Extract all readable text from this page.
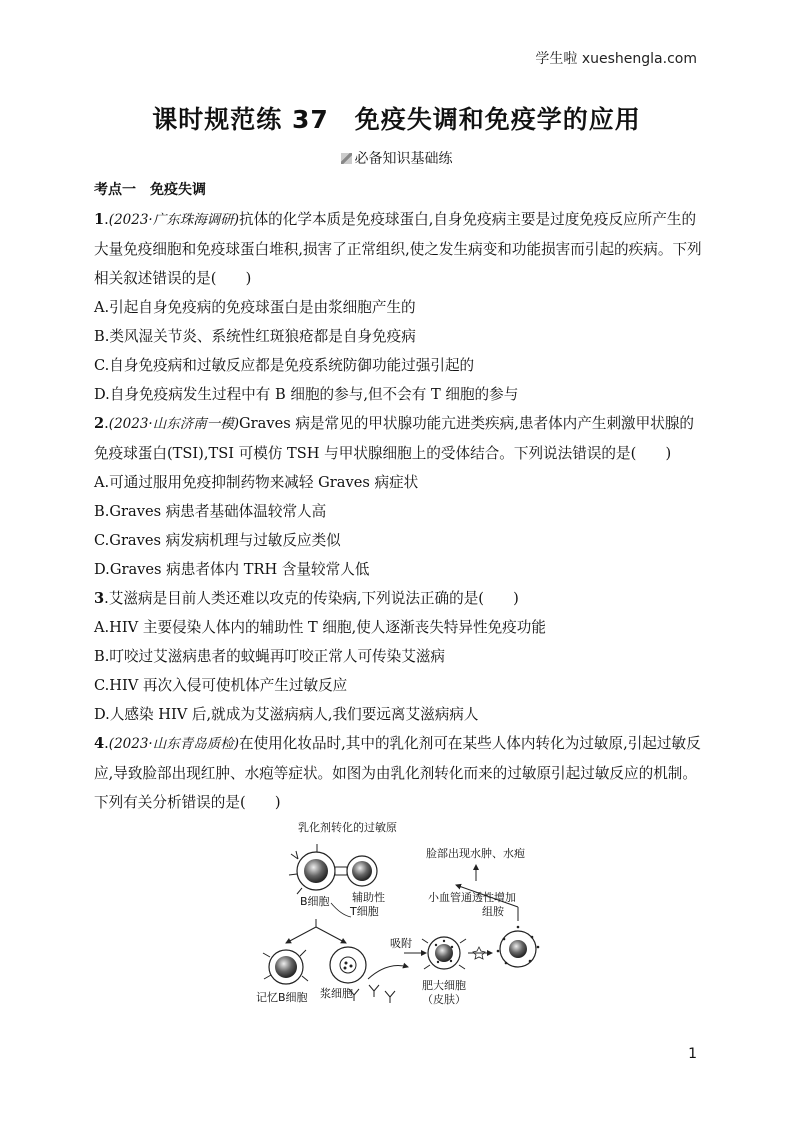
学生啦 xueshengla.com
课时规范练 37　免疫失调和免疫学的应用
必备知识基础练
考点一　免疫失调

1.(2023·广东珠海调研)抗体的化学本质是免疫球蛋白,自身免疫病主要是过度免疫反应所产生的大量免疫细胞和免疫球蛋白堆积,损害了正常组织,使之发生病变和功能损害而引起的疾病。下列相关叙述错误的是(　　)

A.引起自身免疫病的免疫球蛋白是由浆细胞产生的

B.类风湿关节炎、系统性红斑狼疮都是自身免疫病

C.自身免疫病和过敏反应都是免疫系统防御功能过强引起的

D.自身免疫病发生过程中有 B 细胞的参与,但不会有 T 细胞的参与

2.(2023·山东济南一模)Graves 病是常见的甲状腺功能亢进类疾病,患者体内产生刺激甲状腺的免疫球蛋白(TSI),TSI 可模仿 TSH 与甲状腺细胞上的受体结合。下列说法错误的是(　　)

A.可通过服用免疫抑制药物来减轻 Graves 病症状

B.Graves 病患者基础体温较常人高

C.Graves 病发病机理与过敏反应类似

D.Graves 病患者体内 TRH 含量较常人低

3.艾滋病是目前人类还难以攻克的传染病,下列说法正确的是(　　)

A.HIV 主要侵染人体内的辅助性 T 细胞,使人逐渐丧失特异性免疫功能

B.叮咬过艾滋病患者的蚊蝇再叮咬正常人可传染艾滋病

C.HIV 再次入侵可使机体产生过敏反应

D.人感染 HIV 后,就成为艾滋病病人,我们要远离艾滋病病人

4.(2023·山东青岛质检)在使用化妆品时,其中的乳化剂可在某些人体内转化为过敏原,引起过敏反应,导致脸部出现红肿、水疱等症状。如图为由乳化剂转化而来的过敏原引起过敏反应的机制。下列有关分析错误的是(　　)

乳化剂转化的过敏原
B细胞 辅助性
T细胞
脸部出现水肿、水疱
小血管通透性增加
组胺
记忆B细胞 浆细胞
吸附
肥大细胞
（皮肤）
1
